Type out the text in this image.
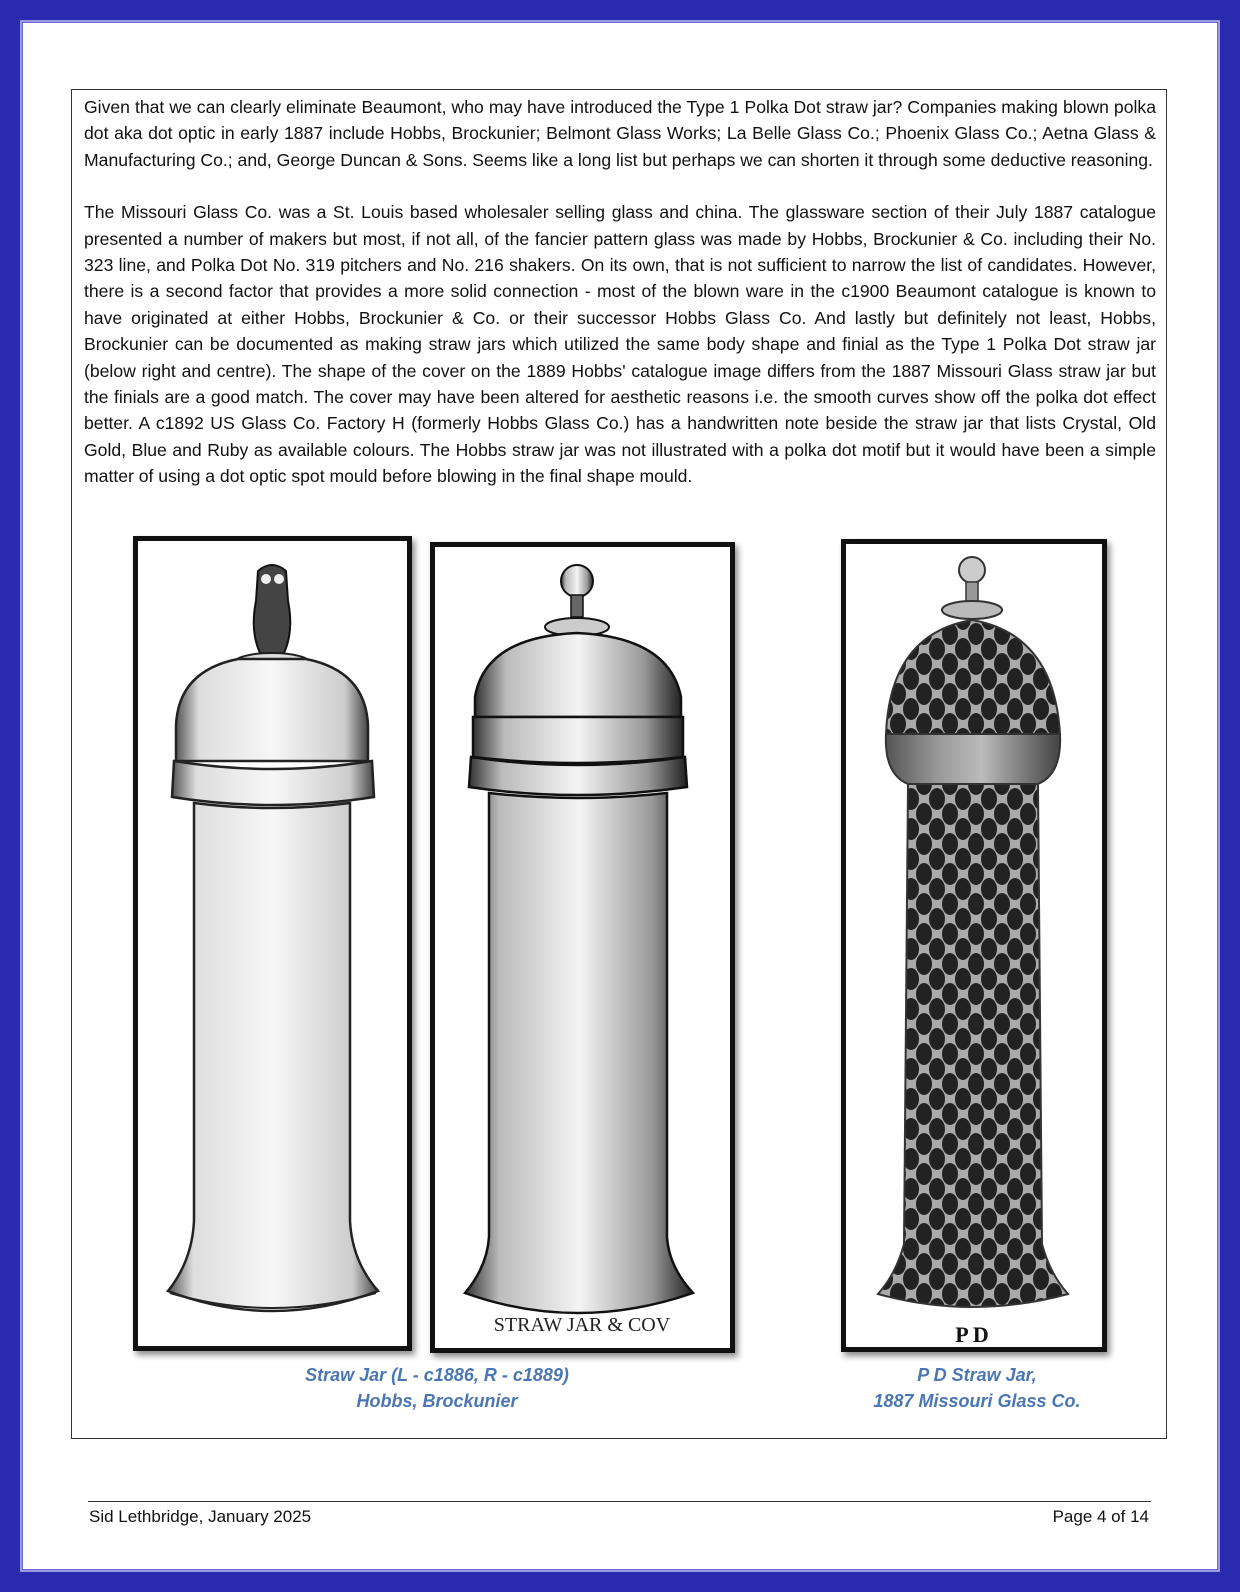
Given that we can clearly eliminate Beaumont, who may have introduced the Type 1 Polka Dot straw jar? Companies making blown polka dot aka dot optic in early 1887 include Hobbs, Brockunier; Belmont Glass Works; La Belle Glass Co.; Phoenix Glass Co.; Aetna Glass & Manufacturing Co.; and, George Duncan & Sons. Seems like a long list but perhaps we can shorten it through some deductive reasoning.

The Missouri Glass Co. was a St. Louis based wholesaler selling glass and china. The glassware section of their July 1887 catalogue presented a number of makers but most, if not all, of the fancier pattern glass was made by Hobbs, Brockunier & Co. including their No. 323 line, and Polka Dot No. 319 pitchers and No. 216 shakers. On its own, that is not sufficient to narrow the list of candidates. However, there is a second factor that provides a more solid connection - most of the blown ware in the c1900 Beaumont catalogue is known to have originated at either Hobbs, Brockunier & Co. or their successor Hobbs Glass Co. And lastly but definitely not least, Hobbs, Brockunier can be documented as making straw jars which utilized the same body shape and finial as the Type 1 Polka Dot straw jar (below right and centre). The shape of the cover on the 1889 Hobbs' catalogue image differs from the 1887 Missouri Glass straw jar but the finials are a good match. The cover may have been altered for aesthetic reasons i.e. the smooth curves show off the polka dot effect better. A c1892 US Glass Co. Factory H (formerly Hobbs Glass Co.) has a handwritten note beside the straw jar that lists Crystal, Old Gold, Blue and Ruby as available colours. The Hobbs straw jar was not illustrated with a polka dot motif but it would have been a simple matter of using a dot optic spot mould before blowing in the final shape mould.

STRAW JAR & COV	P D
Straw Jar (L - c1886, R - c1889)
Hobbs, Brockunier
P D Straw Jar,
1887 Missouri Glass Co.
Sid Lethbridge, January 2025	Page 4 of 14
